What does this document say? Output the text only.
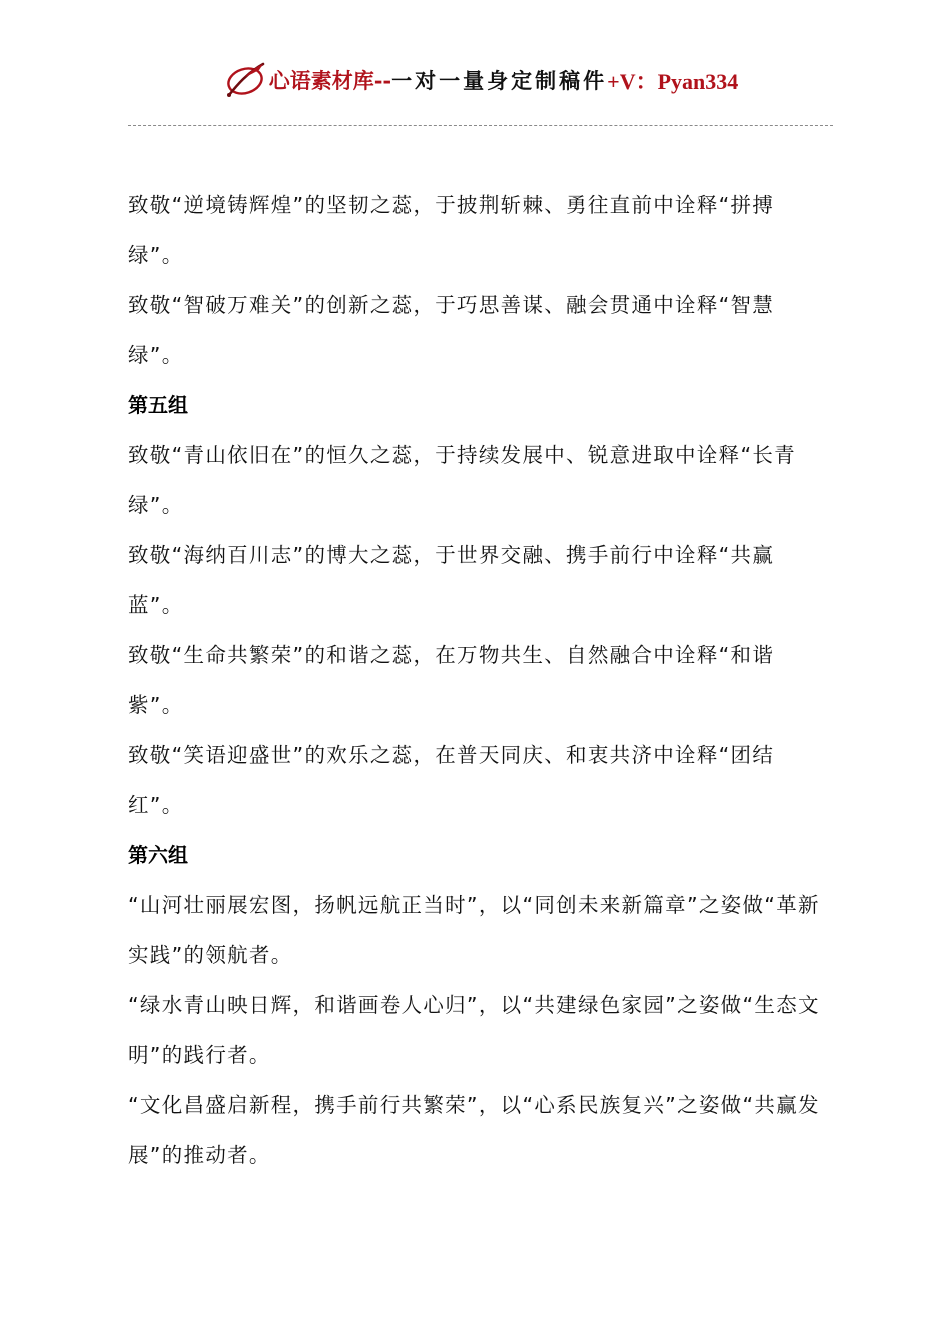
心语素材库 -- 一对一量身定制稿件 +V：Pyan334

致敬“逆境铸辉煌”的坚韧之蕊，于披荆斩棘、勇往直前中诠释“拼搏绿”。

致敬“智破万难关”的创新之蕊，于巧思善谋、融会贯通中诠释“智慧绿”。

第五组

致敬“青山依旧在”的恒久之蕊，于持续发展中、锐意进取中诠释“长青绿”。

致敬“海纳百川志”的博大之蕊，于世界交融、携手前行中诠释“共赢蓝”。

致敬“生命共繁荣”的和谐之蕊，在万物共生、自然融合中诠释“和谐紫”。

致敬“笑语迎盛世”的欢乐之蕊，在普天同庆、和衷共济中诠释“团结红”。

第六组

“山河壮丽展宏图，扬帆远航正当时”，以“同创未来新篇章”之姿做“革新实践”的领航者。

“绿水青山映日辉，和谐画卷人心归”，以“共建绿色家园”之姿做“生态文明”的践行者。

“文化昌盛启新程，携手前行共繁荣”，以“心系民族复兴”之姿做“共赢发展”的推动者。
